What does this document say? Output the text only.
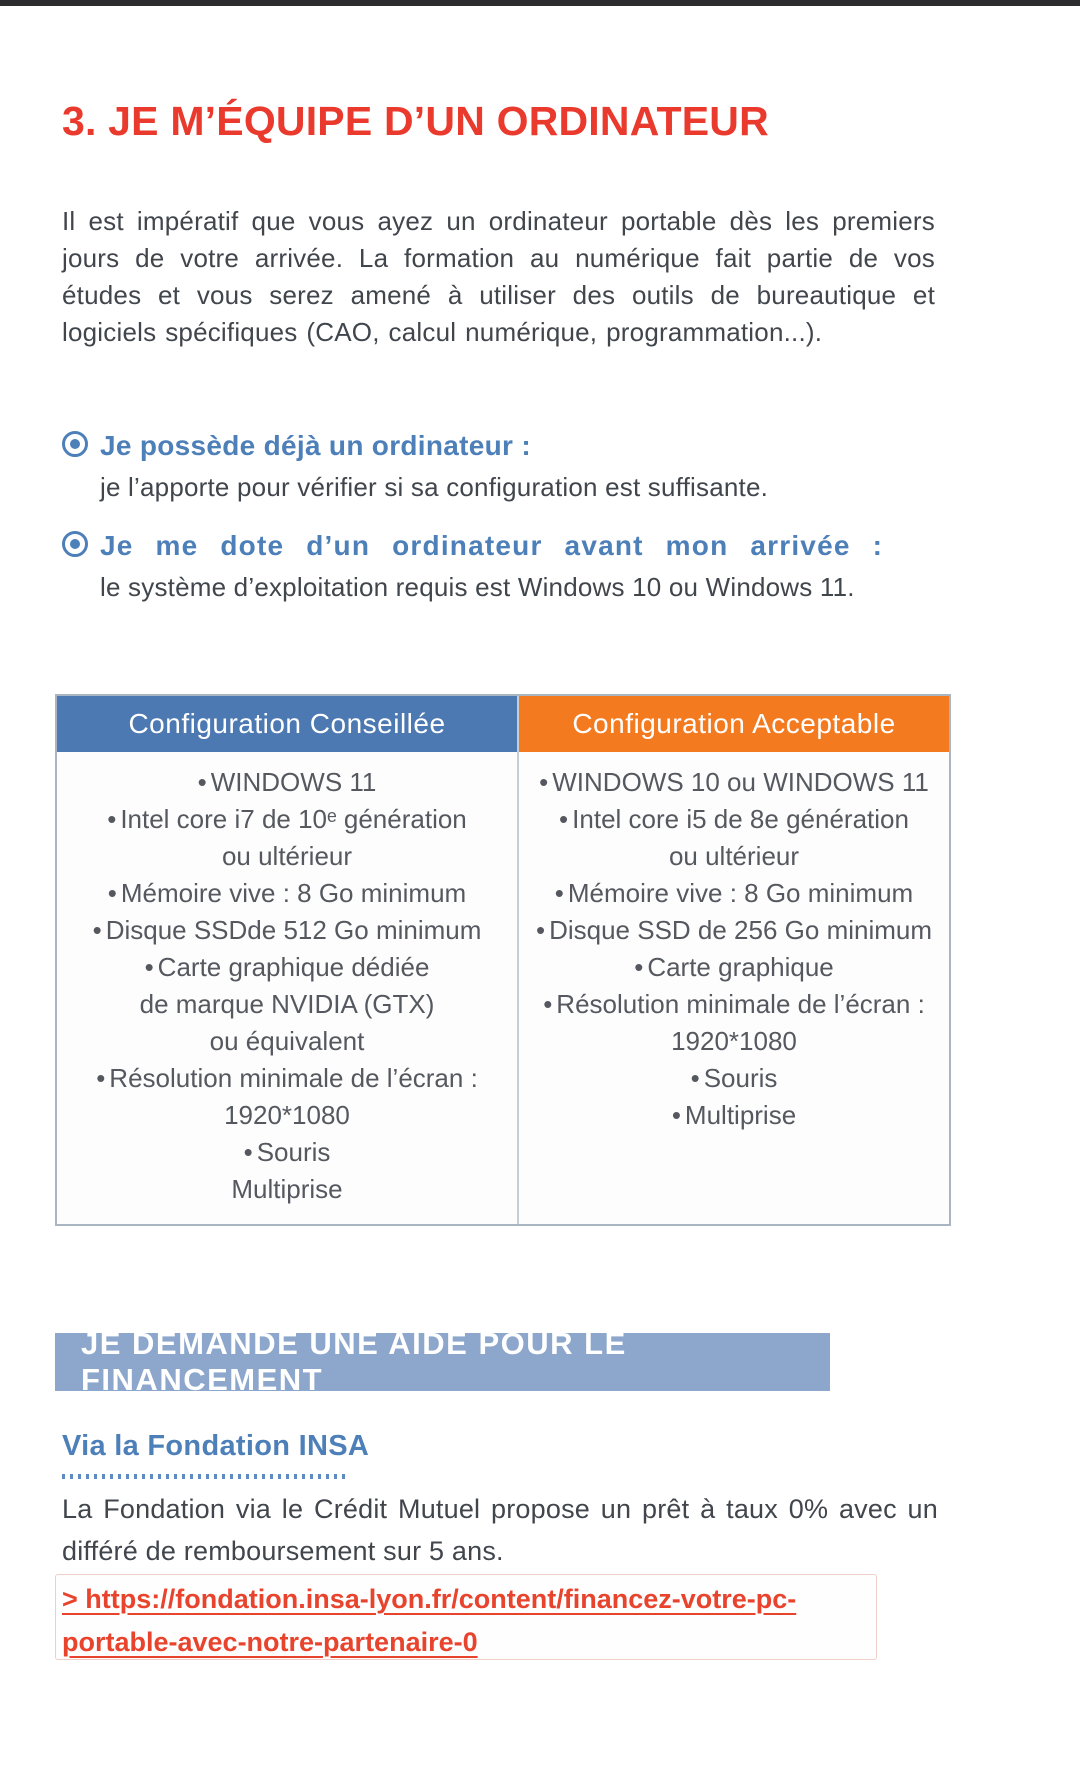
3. JE M’ÉQUIPE D’UN ORDINATEUR

Il est impératif que vous ayez un ordinateur portable dès les premiers jours de votre arrivée. La formation au numérique fait partie de vos études et vous serez amené à utiliser des outils de bureautique et logiciels spécifiques (CAO, calcul numérique, programmation...).

Je possède déjà un ordinateur :
je l’apporte pour vérifier si sa configuration est suffisante.
Je me dote d’un ordinateur avant mon arrivée :
le système d’exploitation requis est Windows 10 ou Windows 11.
Configuration Conseillée
• WINDOWS 11
• Intel core i7 de 10ᵉ génération
ou ultérieur
• Mémoire vive : 8 Go minimum
• Disque SSDde 512 Go minimum
• Carte graphique dédiée
de marque NVIDIA (GTX)
ou équivalent
• Résolution minimale de l’écran :
1920*1080
• Souris
Multiprise
Configuration Acceptable
• WINDOWS 10 ou WINDOWS 11
• Intel core i5 de 8e génération
ou ultérieur
• Mémoire vive : 8 Go minimum
• Disque SSD de 256 Go minimum
• Carte graphique
• Résolution minimale de l’écran :
1920*1080
• Souris
• Multiprise
JE DEMANDE UNE AIDE POUR LE FINANCEMENT
Via la Fondation INSA

La Fondation via le Crédit Mutuel propose un prêt à taux 0% avec un différé de remboursement sur 5 ans.

> https://fondation.insa-lyon.fr/content/financez-votre-pc-
portable-avec-notre-partenaire-0
